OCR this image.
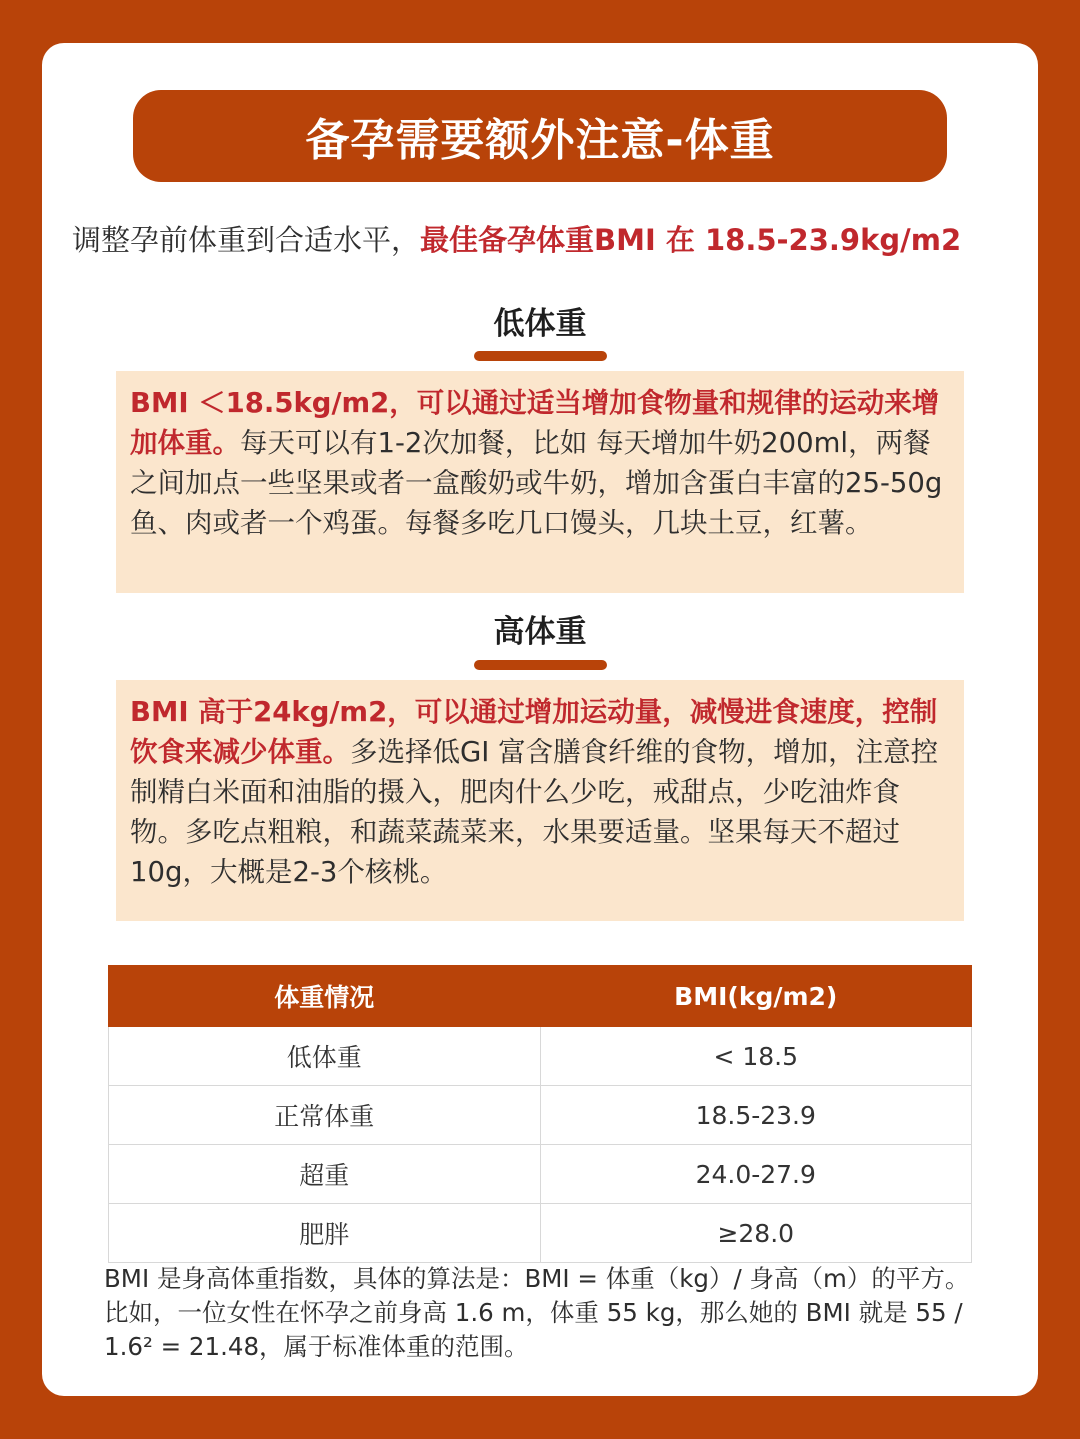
备孕需要额外注意-体重
调整孕前体重到合适水平，最佳备孕体重BMI 在 18.5-23.9kg/m2
低体重
BMI ＜18.5kg/m2，可以通过适当增加食物量和规律的运动来增加体重。每天可以有1-2次加餐，比如 每天增加牛奶200ml，两餐之间加点一些坚果或者一盒酸奶或牛奶，增加含蛋白丰富的25-50g鱼、肉或者一个鸡蛋。每餐多吃几口馒头，几块土豆，红薯。
高体重
BMI 高于24kg/m2，可以通过增加运动量，减慢进食速度，控制饮食来减少体重。多选择低GI 富含膳食纤维的食物，增加，注意控制精白米面和油脂的摄入，肥肉什么少吃，戒甜点，少吃油炸食物。多吃点粗粮，和蔬菜蔬菜来，水果要适量。坚果每天不超过10g，大概是2-3个核桃。
体重情况	BMI(kg/m2)
低体重	< 18.5
正常体重	18.5-23.9
超重	24.0-27.9
肥胖	≥28.0
BMI 是身高体重指数，具体的算法是：BMI = 体重（kg）/ 身高（m）的平方。比如，一位女性在怀孕之前身高 1.6 m，体重 55 kg，那么她的 BMI 就是 55 / 1.6² = 21.48，属于标准体重的范围。
